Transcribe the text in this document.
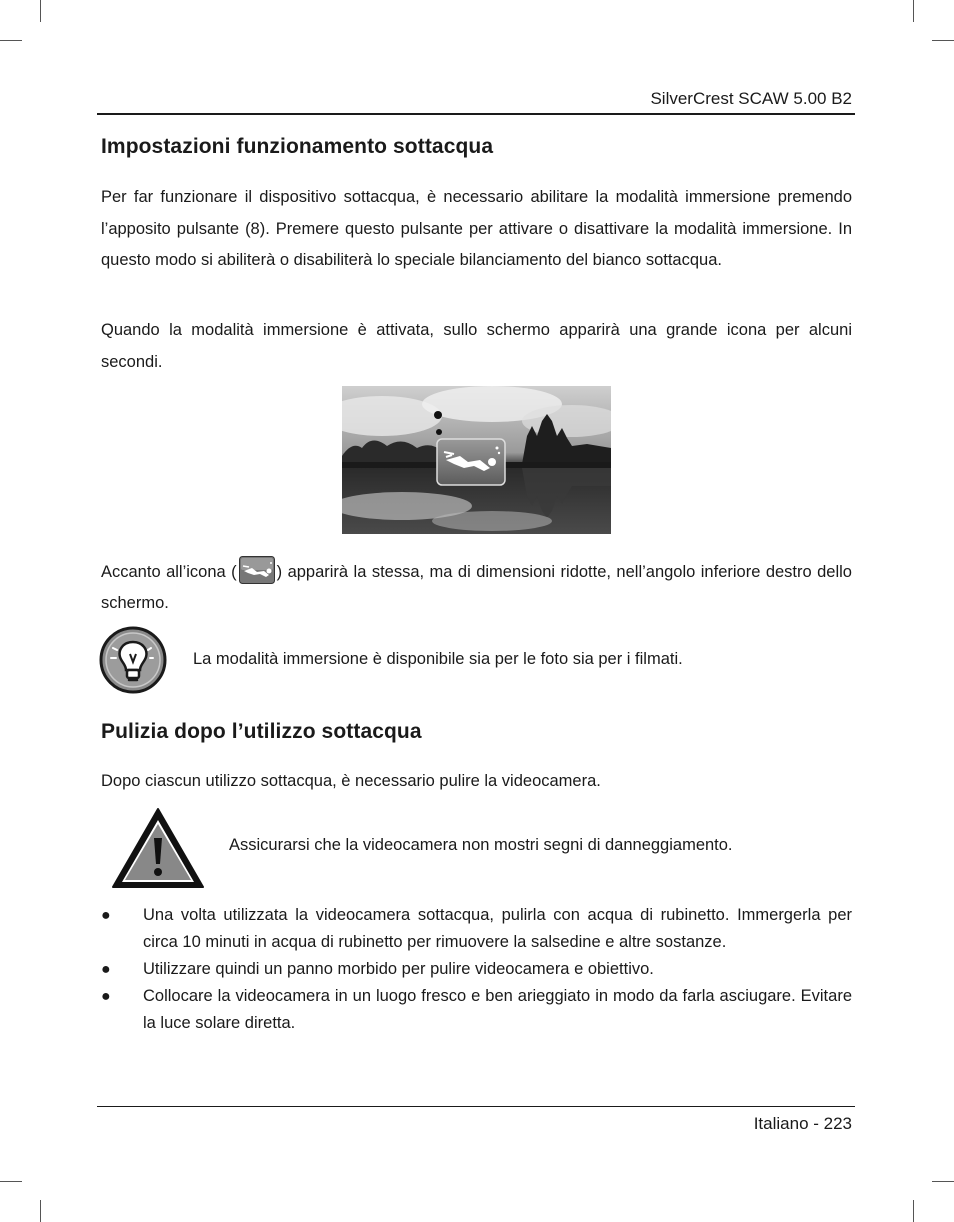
SilverCrest SCAW 5.00 B2
Impostazioni funzionamento sottacqua

Per far funzionare il dispositivo sottacqua, è necessario abilitare la modalità immersione premendo l’apposito pulsante (8). Premere questo pulsante per attivare o disattivare la modalità immersione. In questo modo si abiliterà o disabiliterà lo speciale bilanciamento del bianco sottacqua.

Quando la modalità immersione è attivata, sullo schermo apparirà una grande icona per alcuni secondi.

Accanto all’icona ( ) apparirà la stessa, ma di dimensioni ridotte, nell’angolo inferiore destro dello schermo.

La modalità immersione è disponibile sia per le foto sia per i filmati.

Pulizia dopo l’utilizzo sottacqua

Dopo ciascun utilizzo sottacqua, è necessario pulire la videocamera.

Assicurarsi che la videocamera non mostri segni di danneggiamento.

● Una volta utilizzata la videocamera sottacqua, pulirla con acqua di rubinetto. Immergerla per circa 10 minuti in acqua di rubinetto per rimuovere la salsedine e altre sostanze.
● Utilizzare quindi un panno morbido per pulire videocamera e obiettivo.
● Collocare la videocamera in un luogo fresco e ben arieggiato in modo da farla asciugare. Evitare la luce solare diretta.
Italiano - 223
